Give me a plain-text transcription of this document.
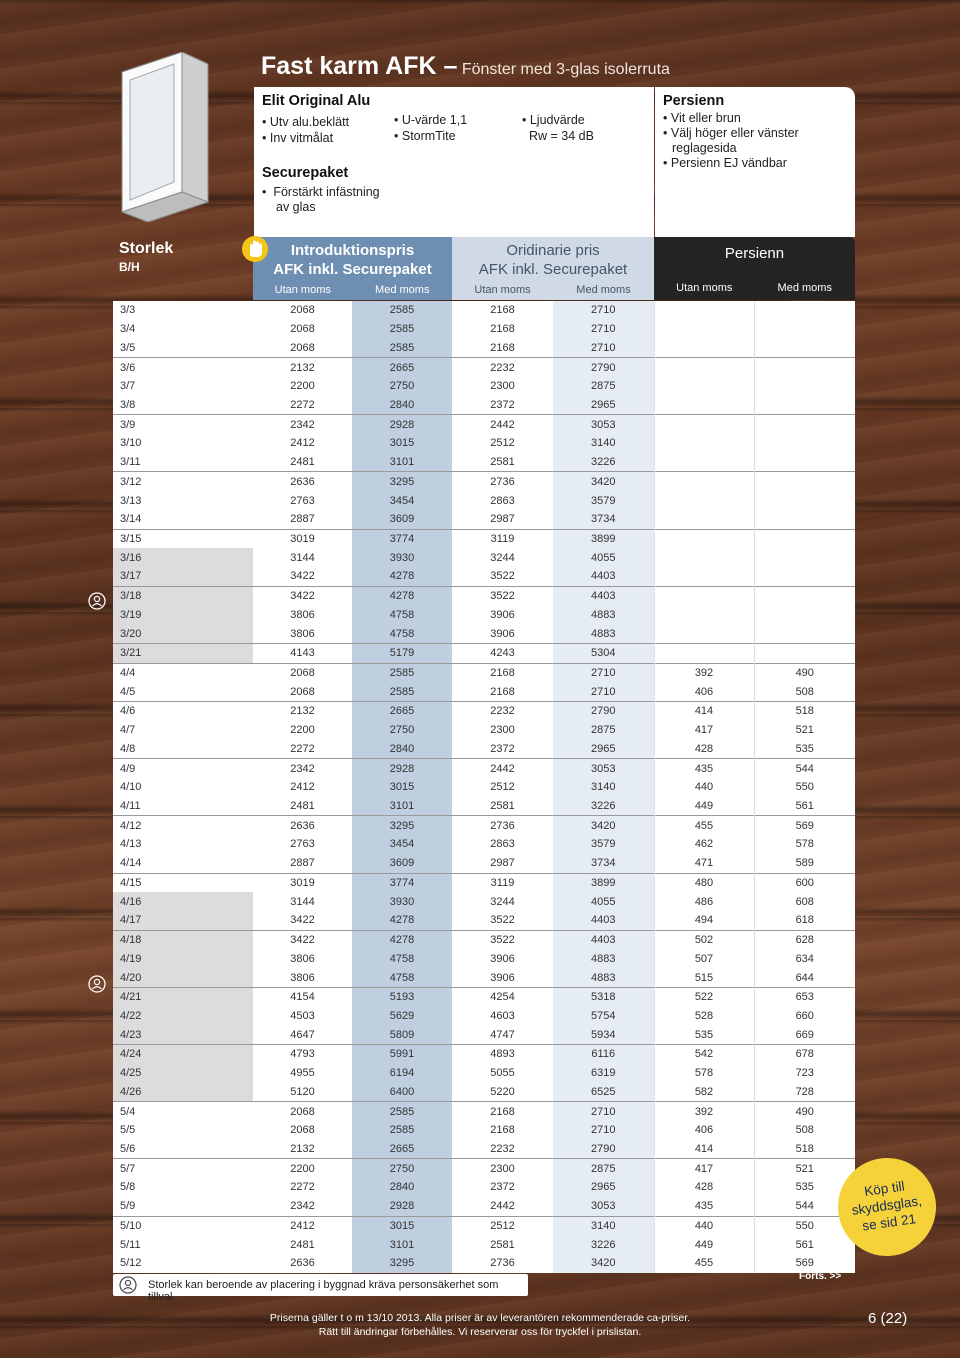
Fast karm AFK – Fönster med 3-glas isolerruta
Elit Original Alu
• Utv alu.beklätt
• Inv vitmålat
• U-värde 1,1
• StormTite
• Ljudvärde
Rw = 34 dB
Securepaket
•  Förstärkt infästning
av glas
Persienn
• Vit eller brun
• Välj höger eller vänster
reglagesida
• Persienn EJ vändbar
Storlek
B/H
Introduktionspris
AFK inkl. Securepaket
Utan moms	Med moms
Oridinarie pris
AFK inkl. Securepaket
Utan moms	Med moms
Persienn
Utan moms	Med moms
3/3	2068	2585	2168	2710		
3/4	2068	2585	2168	2710		
3/5	2068	2585	2168	2710		
3/6	2132	2665	2232	2790		
3/7	2200	2750	2300	2875		
3/8	2272	2840	2372	2965		
3/9	2342	2928	2442	3053		
3/10	2412	3015	2512	3140		
3/11	2481	3101	2581	3226		
3/12	2636	3295	2736	3420		
3/13	2763	3454	2863	3579		
3/14	2887	3609	2987	3734		
3/15	3019	3774	3119	3899		
3/16	3144	3930	3244	4055		
3/17	3422	4278	3522	4403		
3/18	3422	4278	3522	4403		
3/19	3806	4758	3906	4883		
3/20	3806	4758	3906	4883		
3/21	4143	5179	4243	5304		
4/4	2068	2585	2168	2710	392	490
4/5	2068	2585	2168	2710	406	508
4/6	2132	2665	2232	2790	414	518
4/7	2200	2750	2300	2875	417	521
4/8	2272	2840	2372	2965	428	535
4/9	2342	2928	2442	3053	435	544
4/10	2412	3015	2512	3140	440	550
4/11	2481	3101	2581	3226	449	561
4/12	2636	3295	2736	3420	455	569
4/13	2763	3454	2863	3579	462	578
4/14	2887	3609	2987	3734	471	589
4/15	3019	3774	3119	3899	480	600
4/16	3144	3930	3244	4055	486	608
4/17	3422	4278	3522	4403	494	618
4/18	3422	4278	3522	4403	502	628
4/19	3806	4758	3906	4883	507	634
4/20	3806	4758	3906	4883	515	644
4/21	4154	5193	4254	5318	522	653
4/22	4503	5629	4603	5754	528	660
4/23	4647	5809	4747	5934	535	669
4/24	4793	5991	4893	6116	542	678
4/25	4955	6194	5055	6319	578	723
4/26	5120	6400	5220	6525	582	728
5/4	2068	2585	2168	2710	392	490
5/5	2068	2585	2168	2710	406	508
5/6	2132	2665	2232	2790	414	518
5/7	2200	2750	2300	2875	417	521
5/8	2272	2840	2372	2965	428	535
5/9	2342	2928	2442	3053	435	544
5/10	2412	3015	2512	3140	440	550
5/11	2481	3101	2581	3226	449	561
5/12	2636	3295	2736	3420	455	569
Storlek kan beroende av placering i byggnad kräva personsäkerhet som tillval.
Forts. >>
Köp till
skyddsglas,
se sid 21
Priserna gäller t o m 13/10 2013. Alla priser är av leverantören rekommenderade ca-priser.
Rätt till ändringar förbehålles. Vi reserverar oss för tryckfel i prislistan.
6 (22)
